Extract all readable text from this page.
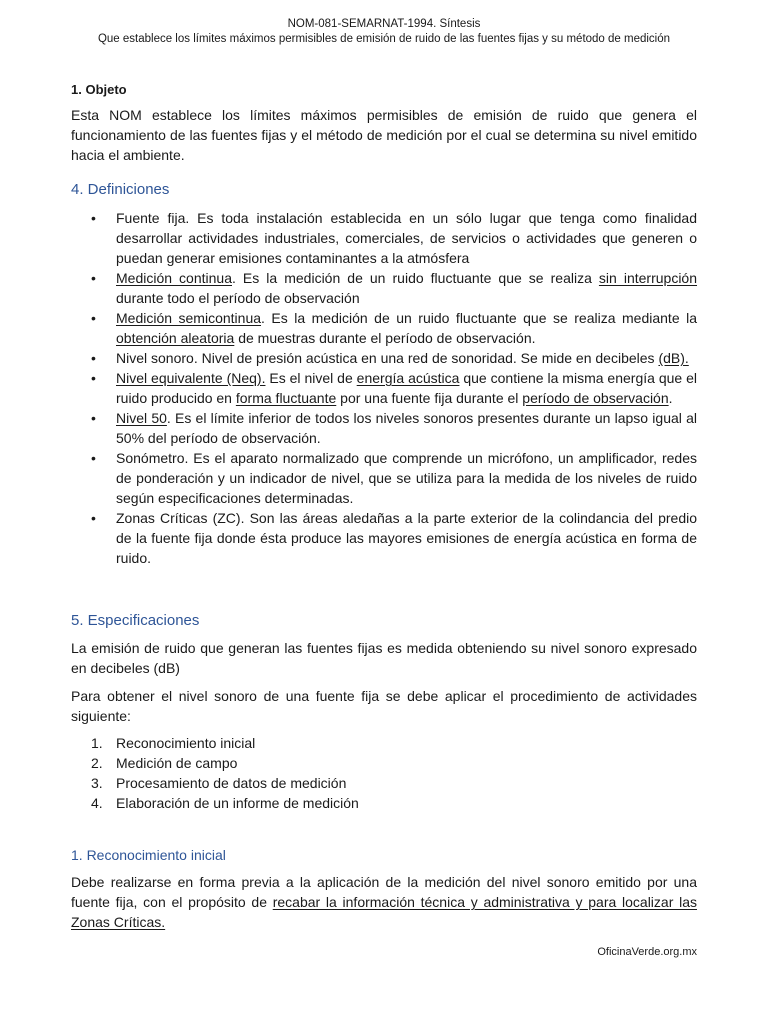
NOM-081-SEMARNAT-1994. Síntesis
Que establece los límites máximos permisibles de emisión de ruido de las fuentes fijas y su método de medición
1. Objeto

Esta NOM establece los límites máximos permisibles de emisión de ruido que genera el funcionamiento de las fuentes fijas y el método de medición por el cual se determina su nivel emitido hacia el ambiente.

4. Definiciones
• Fuente fija. Es toda instalación establecida en un sólo lugar que tenga como finalidad desarrollar actividades industriales, comerciales, de servicios o actividades que generen o puedan generar emisiones contaminantes a la atmósfera
• Medición continua. Es la medición de un ruido fluctuante que se realiza sin interrupción durante todo el período de observación
• Medición semicontinua. Es la medición de un ruido fluctuante que se realiza mediante la obtención aleatoria de muestras durante el período de observación.
• Nivel sonoro. Nivel de presión acústica en una red de sonoridad. Se mide en decibeles (dB).
• Nivel equivalente (Neq). Es el nivel de energía acústica que contiene la misma energía que el ruido producido en forma fluctuante por una fuente fija durante el período de observación.
• Nivel 50. Es el límite inferior de todos los niveles sonoros presentes durante un lapso igual al 50% del período de observación.
• Sonómetro. Es el aparato normalizado que comprende un micrófono, un amplificador, redes de ponderación y un indicador de nivel, que se utiliza para la medida de los niveles de ruido según especificaciones determinadas.
• Zonas Críticas (ZC). Son las áreas aledañas a la parte exterior de la colindancia del predio de la fuente fija donde ésta produce las mayores emisiones de energía acústica en forma de ruido.
5. Especificaciones

La emisión de ruido que generan las fuentes fijas es medida obteniendo su nivel sonoro expresado en decibeles (dB)

Para obtener el nivel sonoro de una fuente fija se debe aplicar el procedimiento de actividades siguiente:

1. Reconocimiento inicial
2. Medición de campo
3. Procesamiento de datos de medición
4. Elaboración de un informe de medición
1. Reconocimiento inicial

Debe realizarse en forma previa a la aplicación de la medición del nivel sonoro emitido por una fuente fija, con el propósito de recabar la información técnica y administrativa y para localizar las Zonas Críticas.

OficinaVerde.org.mx
